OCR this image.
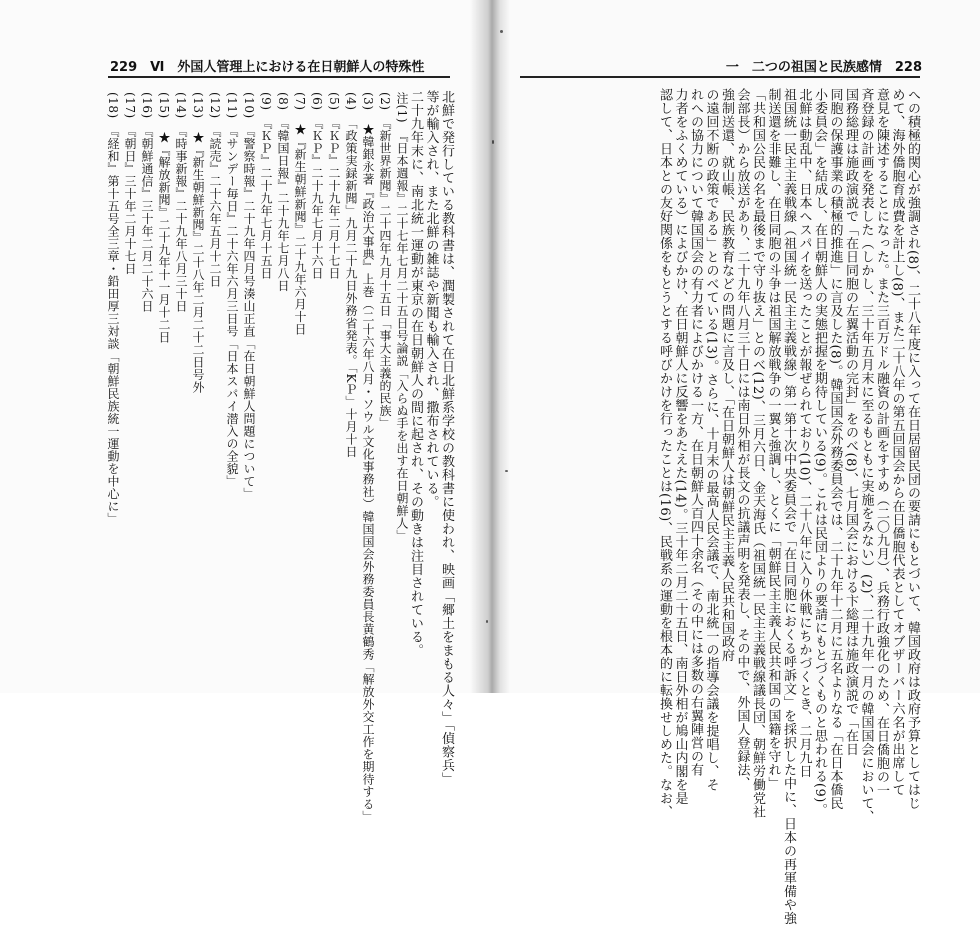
229　Ⅵ　外国人管理上における在日朝鮮人の特殊性

北鮮で発行している教科書は、潤製されて在日北鮮系学校の教科書に使われ、映画「郷土をまもる人々」「偵察兵」

等が輸入され、また北鮮の雑誌や新聞も輸入され、撒布されている。

二十九年末に、南北統一運動が東京の在日朝鮮人の間に起され、その動きは注目されている。

注(1)　『日本週報』二十七年七月二十五日号論説「入らぬ手を出す在日朝鮮人」

(2)　『新世界新聞』二十四年九月十五日「事大主義的民族」

(3)　★韓銀永著『政治大事典』上巻（二十六年八月・ソウル文化事務社）韓国国会外務委員長黄鶴秀「解放外交工作を期待する」

(4)　「政策実録新聞」九月二十九日外務省発表。「KＰ」十月十日

(5)　『ＫＰ』二十九年二月十七日

(6)　『ＫＰ』二十九年七月十六日

(7)　★『新生朝鮮新聞』二十九年六月十日

(8)　『韓国日報』二十九年七月八日

(9)　『ＫＰ』二十九年七月十五日

(10)　『警察時報』二十九年四月号湊山正直「在日朝鮮人問題について」

(11)　『サンデー毎日』二十六年六月三日号「日本スパイ潜入の全貌」

(12)　『読売』二十六年五月十二日

(13)　★『新生朝鮮新聞』二十八年二月二十二日号外

(14)　『時事新報』二十九年八月三十日

(15)　★『解放新聞』二十九年十一月十二日

(16)　『朝鮮通信』三十年二月二十六日

(17)　『朝日』三十年二月十七日

(18)　『経和』第十五号全三章・鉛田厚三対談「朝鮮民族統一運動を中心に」

一　二つの祖国と民族感情　228

への積極的関心が強調され(8)、二十八年度に入って在日居留民団の要請にもとづいて、韓国政府は政府予算としてはじ

めて、海外僑胞育成費を計上し(8)、また二十八年の第五回国会から在日僑胞代表としてオブザーバー六名が出席して

意見を陳述することになった。また三百万ドル融資の計画をすすめ（二〇九月）、兵務行政強化のため、在日僑胞の一

斉登録の計画を発表した（しかし、三十年五月末に至るもともに実施をみない）(2)、二十九年一月の韓国国会において、

国務総理は施政演説で「在日同胞の左翼活動の完封」をのべ(8)、七月国会における卞総理は施政演説で「在日

同胞の保護事業の積極的推進」に言及した(8)。韓国国会外務委員会では、二十九年十二月に五名よりなる「在日本僑民

小委員会」を結成し、在日朝鮮人の実態把握を期待している(9)。これは民団よりの要請にもとづくものと思われる(9)。

北鮮は動乱中、日本へスパイを送ったことが報ぜられており(10)、二十八年に入り休戦にちかづくとき、二月九日

祖国統一民主主義戦線（祖国統一民主主義戦線）第一第十次中央委員会で「在日同胞におくる呼訴文」を採択した中に、日本の再軍備や強

制送還を非難し、在日同胞の斗争は祖国解放戦争の一翼と強調し、とくに「朝鮮民主主義人民共和国の国籍を守れ」

「共和国公民の名を最後まで守り抜え」とのべ(12)、三月六日、金天海氏（祖国統一民主主義戦線議長団、朝鮮労働党社

会部長）から放送があり、二十九年八月三十日には南日外相が長文の抗議声明を発表し、その中で、外国人登録法、

強制送還、就山帳、民族教育などの問題に言及し、「在日朝鮮人は朝鮮民主主義人民共和国政府

の遠回不断の政策である」とのべている(13)。さらに、十月末の最高人民会議で、南北統一の指導会議を提唱し、そ

れへの協力について韓国国会の有力者によびかける一方、在日朝鮮人百四十余名（その中には多数の右翼陣営の有

力者をふくめている）によびかけ、在日朝鮮人に反響をあたえた(14)。三十年二月二十五日、南日外相が鳩山内閣を是

認して、日本との友好関係をもとうとする呼びかけを行ったことは(16)、民戦系の運動を根本的に転換せしめた。なお、
